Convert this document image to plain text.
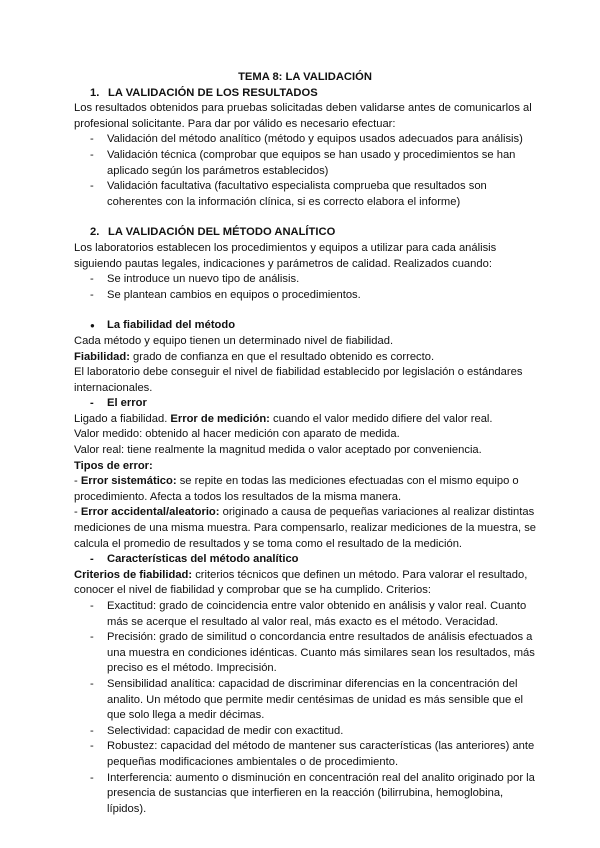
TEMA 8: LA VALIDACIÓN

1. LA VALIDACIÓN DE LOS RESULTADOS

Los resultados obtenidos para pruebas solicitadas deben validarse antes de comunicarlos al profesional solicitante. Para dar por válido es necesario efectuar:

- Validación del método analítico (método y equipos usados adecuados para análisis)
- Validación técnica (comprobar que equipos se han usado y procedimientos se han aplicado según los parámetros establecidos)
- Validación facultativa (facultativo especialista comprueba que resultados son coherentes con la información clínica, si es correcto elabora el informe)
2. LA VALIDACIÓN DEL MÉTODO ANALÍTICO

Los laboratorios establecen los procedimientos y equipos a utilizar para cada análisis siguiendo pautas legales, indicaciones y parámetros de calidad. Realizados cuando:

- Se introduce un nuevo tipo de análisis.
- Se plantean cambios en equipos o procedimientos.

● La fiabilidad del método

Cada método y equipo tienen un determinado nivel de fiabilidad.

Fiabilidad: grado de confianza en que el resultado obtenido es correcto.

El laboratorio debe conseguir el nivel de fiabilidad establecido por legislación o estándares internacionales.

- El error

Ligado a fiabilidad. Error de medición: cuando el valor medido difiere del valor real.

Valor medido: obtenido al hacer medición con aparato de medida.

Valor real: tiene realmente la magnitud medida o valor aceptado por conveniencia.

Tipos de error:

- Error sistemático: se repite en todas las mediciones efectuadas con el mismo equipo o procedimiento. Afecta a todos los resultados de la misma manera.

- Error accidental/aleatorio: originado a causa de pequeñas variaciones al realizar distintas mediciones de una misma muestra. Para compensarlo, realizar mediciones de la muestra, se calcula el promedio de resultados y se toma como el resultado de la medición.

- Características del método analítico

Criterios de fiabilidad: criterios técnicos que definen un método. Para valorar el resultado, conocer el nivel de fiabilidad y comprobar que se ha cumplido. Criterios:

- Exactitud: grado de coincidencia entre valor obtenido en análisis y valor real. Cuanto más se acerque el resultado al valor real, más exacto es el método. Veracidad.
- Precisión: grado de similitud o concordancia entre resultados de análisis efectuados a una muestra en condiciones idénticas. Cuanto más similares sean los resultados, más preciso es el método. Imprecisión.
- Sensibilidad analítica: capacidad de discriminar diferencias en la concentración del analito. Un método que permite medir centésimas de unidad es más sensible que el que solo llega a medir décimas.
- Selectividad: capacidad de medir con exactitud.
- Robustez: capacidad del método de mantener sus características (las anteriores) ante pequeñas modificaciones ambientales o de procedimiento.
- Interferencia: aumento o disminución en concentración real del analito originado por la presencia de sustancias que interfieren en la reacción (bilirrubina, hemoglobina, lípidos).
